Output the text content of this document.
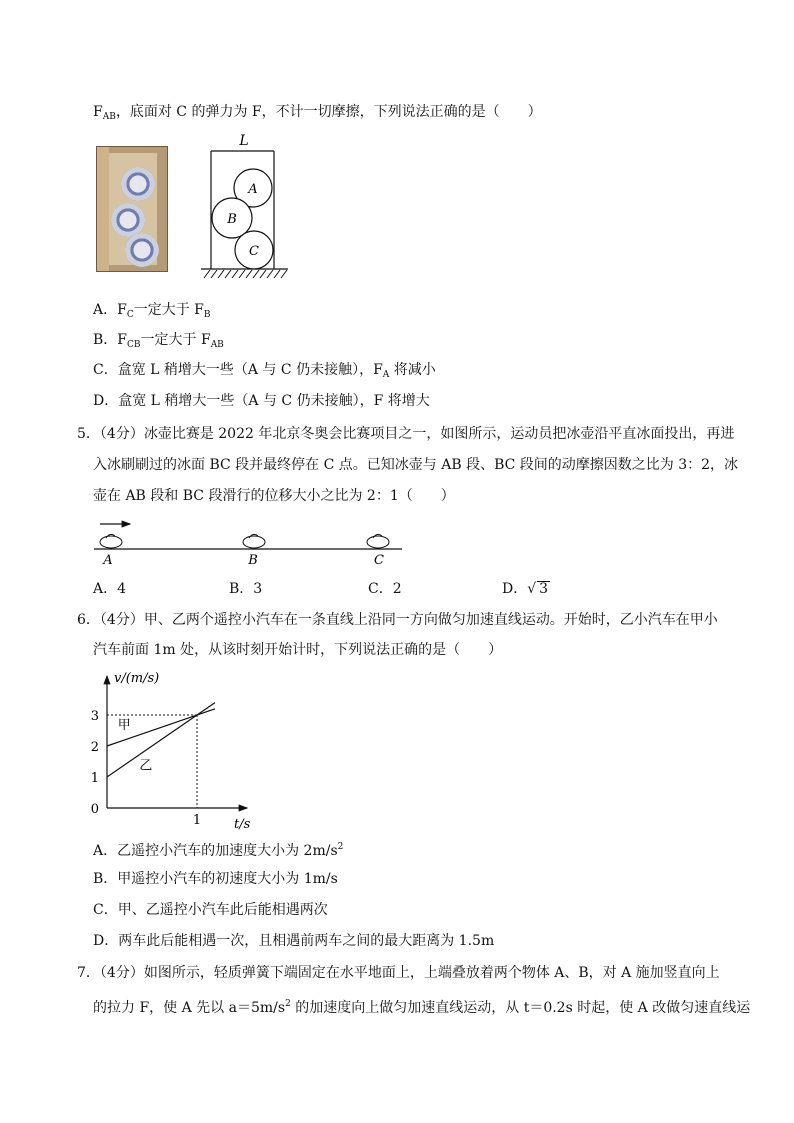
$F_{AB}$，底面对 C 的弹力为 F，不计一切摩擦，下列说法正确的是（　　）
L
A
B
C
A．$F_C$一定大于 $F_B$
B．$F_{CB}$一定大于 $F_{AB}$
C．盒宽 L 稍增大一些（A 与 C 仍未接触），$F_A$ 将减小
D．盒宽 L 稍增大一些（A 与 C 仍未接触），F 将增大
5．（4分）冰壶比赛是 2022 年北京冬奥会比赛项目之一，如图所示，运动员把冰壶沿平直冰面投出，再进
入冰刷刷过的冰面 BC 段并最终停在 C 点。已知冰壶与 AB 段、BC 段间的动摩擦因数之比为 3：2，冰
壶在 AB 段和 BC 段滑行的位移大小之比为 2：1（　　）
A	B	C
A．4	B．3	C．2	D．√ 3
6．（4分）甲、乙两个遥控小汽车在一条直线上沿同一方向做匀加速直线运动。开始时，乙小汽车在甲小
汽车前面 1m 处，从该时刻开始计时，下列说法正确的是（　　）
v/(m/s)
t/s
3
2
1
0
1
甲
乙
A．乙遥控小汽车的加速度大小为 $2m/s^2$
B．甲遥控小汽车的初速度大小为 1m/s
C．甲、乙遥控小汽车此后能相遇两次
D．两车此后能相遇一次，且相遇前两车之间的最大距离为 1.5m
7．（4分）如图所示，轻质弹簧下端固定在水平地面上，上端叠放着两个物体 A、B，对 A 施加竖直向上
的拉力 F，使 A 先以 $a=5m/s^2$ 的加速度向上做匀加速直线运动，从 t＝0.2s 时起，使 A 改做匀速直线运
